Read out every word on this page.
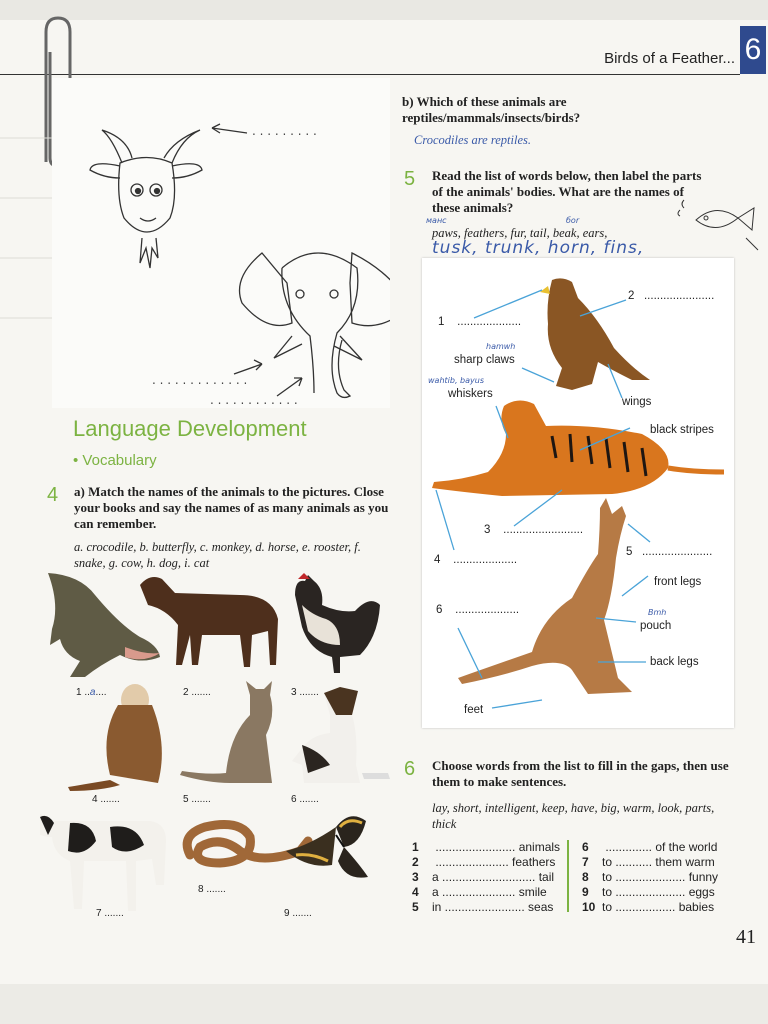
Birds of a Feather... 6
. . . . . . . . .
. . . . . . . . . . . . .
. . . . . . . . . . . .
Language Development
• Vocabulary
4 a) Match the names of the animals to the pictures. Close your books and say the names of as many animals as you can remember.
a. crocodile, b. butterfly, c. monkey, d. horse, e. rooster, f. snake, g. cow, h. dog, i. cat
1 ..a....	2 .......	3 .......
4 .......	5 .......	6 .......
7 .......
8 .......
9 .......
b) Which of these animals are reptiles/mammals/insects/birds?
Crocodiles are reptiles.
5 Read the list of words below, then label the parts of the animals' bodies. What are the names of these animals?
paws, feathers, fur, tail, beak, ears,
tusk, trunk, horn, fins,
манс	боr
1    ....................
2   ......................
sharp claws
whiskers
wings
black stripes
3    .........................
4    ....................
5   ......................
front legs
6    ....................
pouch
back legs
feet
hamwh
wahtib, bayus
Bmh
6 Choose words from the list to fill in the gaps, then use them to make sentences.
lay, short, intelligent, keep, have, big, warm, look, parts, thick
1 ........................ animals
2 ...................... feathers
3 a ............................ tail
4 a ...................... smile
5 in ........................ seas
6 .............. of the world
7 to ........... them warm
8 to ..................... funny
9 to ..................... eggs
10 to .................. babies
41
